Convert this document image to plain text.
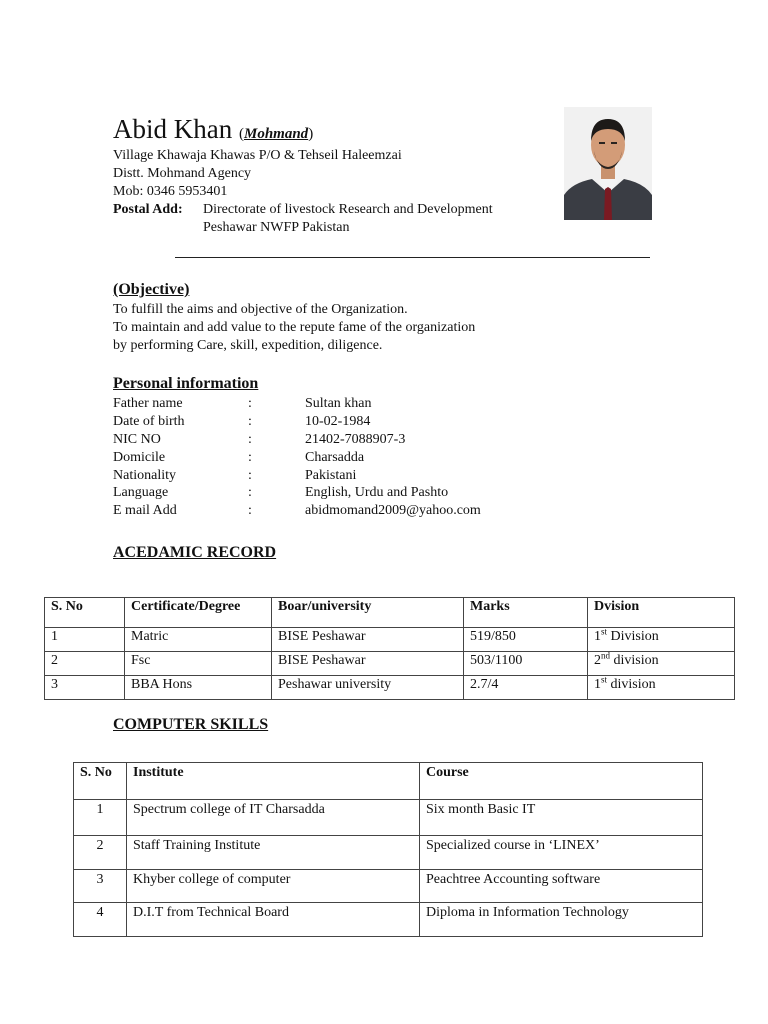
Abid Khan (Mohmand)
Village Khawaja Khawas P/O & Tehseil Haleemzai
Distt. Mohmand Agency
Mob: 0346 5953401
Postal Add: Directorate of livestock Research and Development
Peshawar NWFP Pakistan
(Objective)
To fulfill the aims and objective of the Organization.
To maintain and add value to the repute fame of the organization
by performing Care, skill, expedition, diligence.
Personal information
Father name	:	Sultan khan
Date of birth	:	10-02-1984
NIC NO	:	21402-7088907-3
Domicile	:	Charsadda
Nationality	:	Pakistani
Language	:	English, Urdu and Pashto
E mail Add	:	abidmomand2009@yahoo.com
ACEDAMIC RECORD
S. No	Certificate/Degree	Boar/university	Marks	Dvision
1	Matric	BISE Peshawar	519/850	1st Division
2	Fsc	BISE Peshawar	503/1100	2nd division
3	BBA Hons	Peshawar university	2.7/4	1st division
COMPUTER SKILLS
S. No	Institute	Course
1	Spectrum college of IT Charsadda	Six month Basic IT
2	Staff Training Institute	Specialized course in ‘LINEX’
3	Khyber college of computer	Peachtree Accounting software
4	D.I.T from Technical Board	Diploma in Information Technology
